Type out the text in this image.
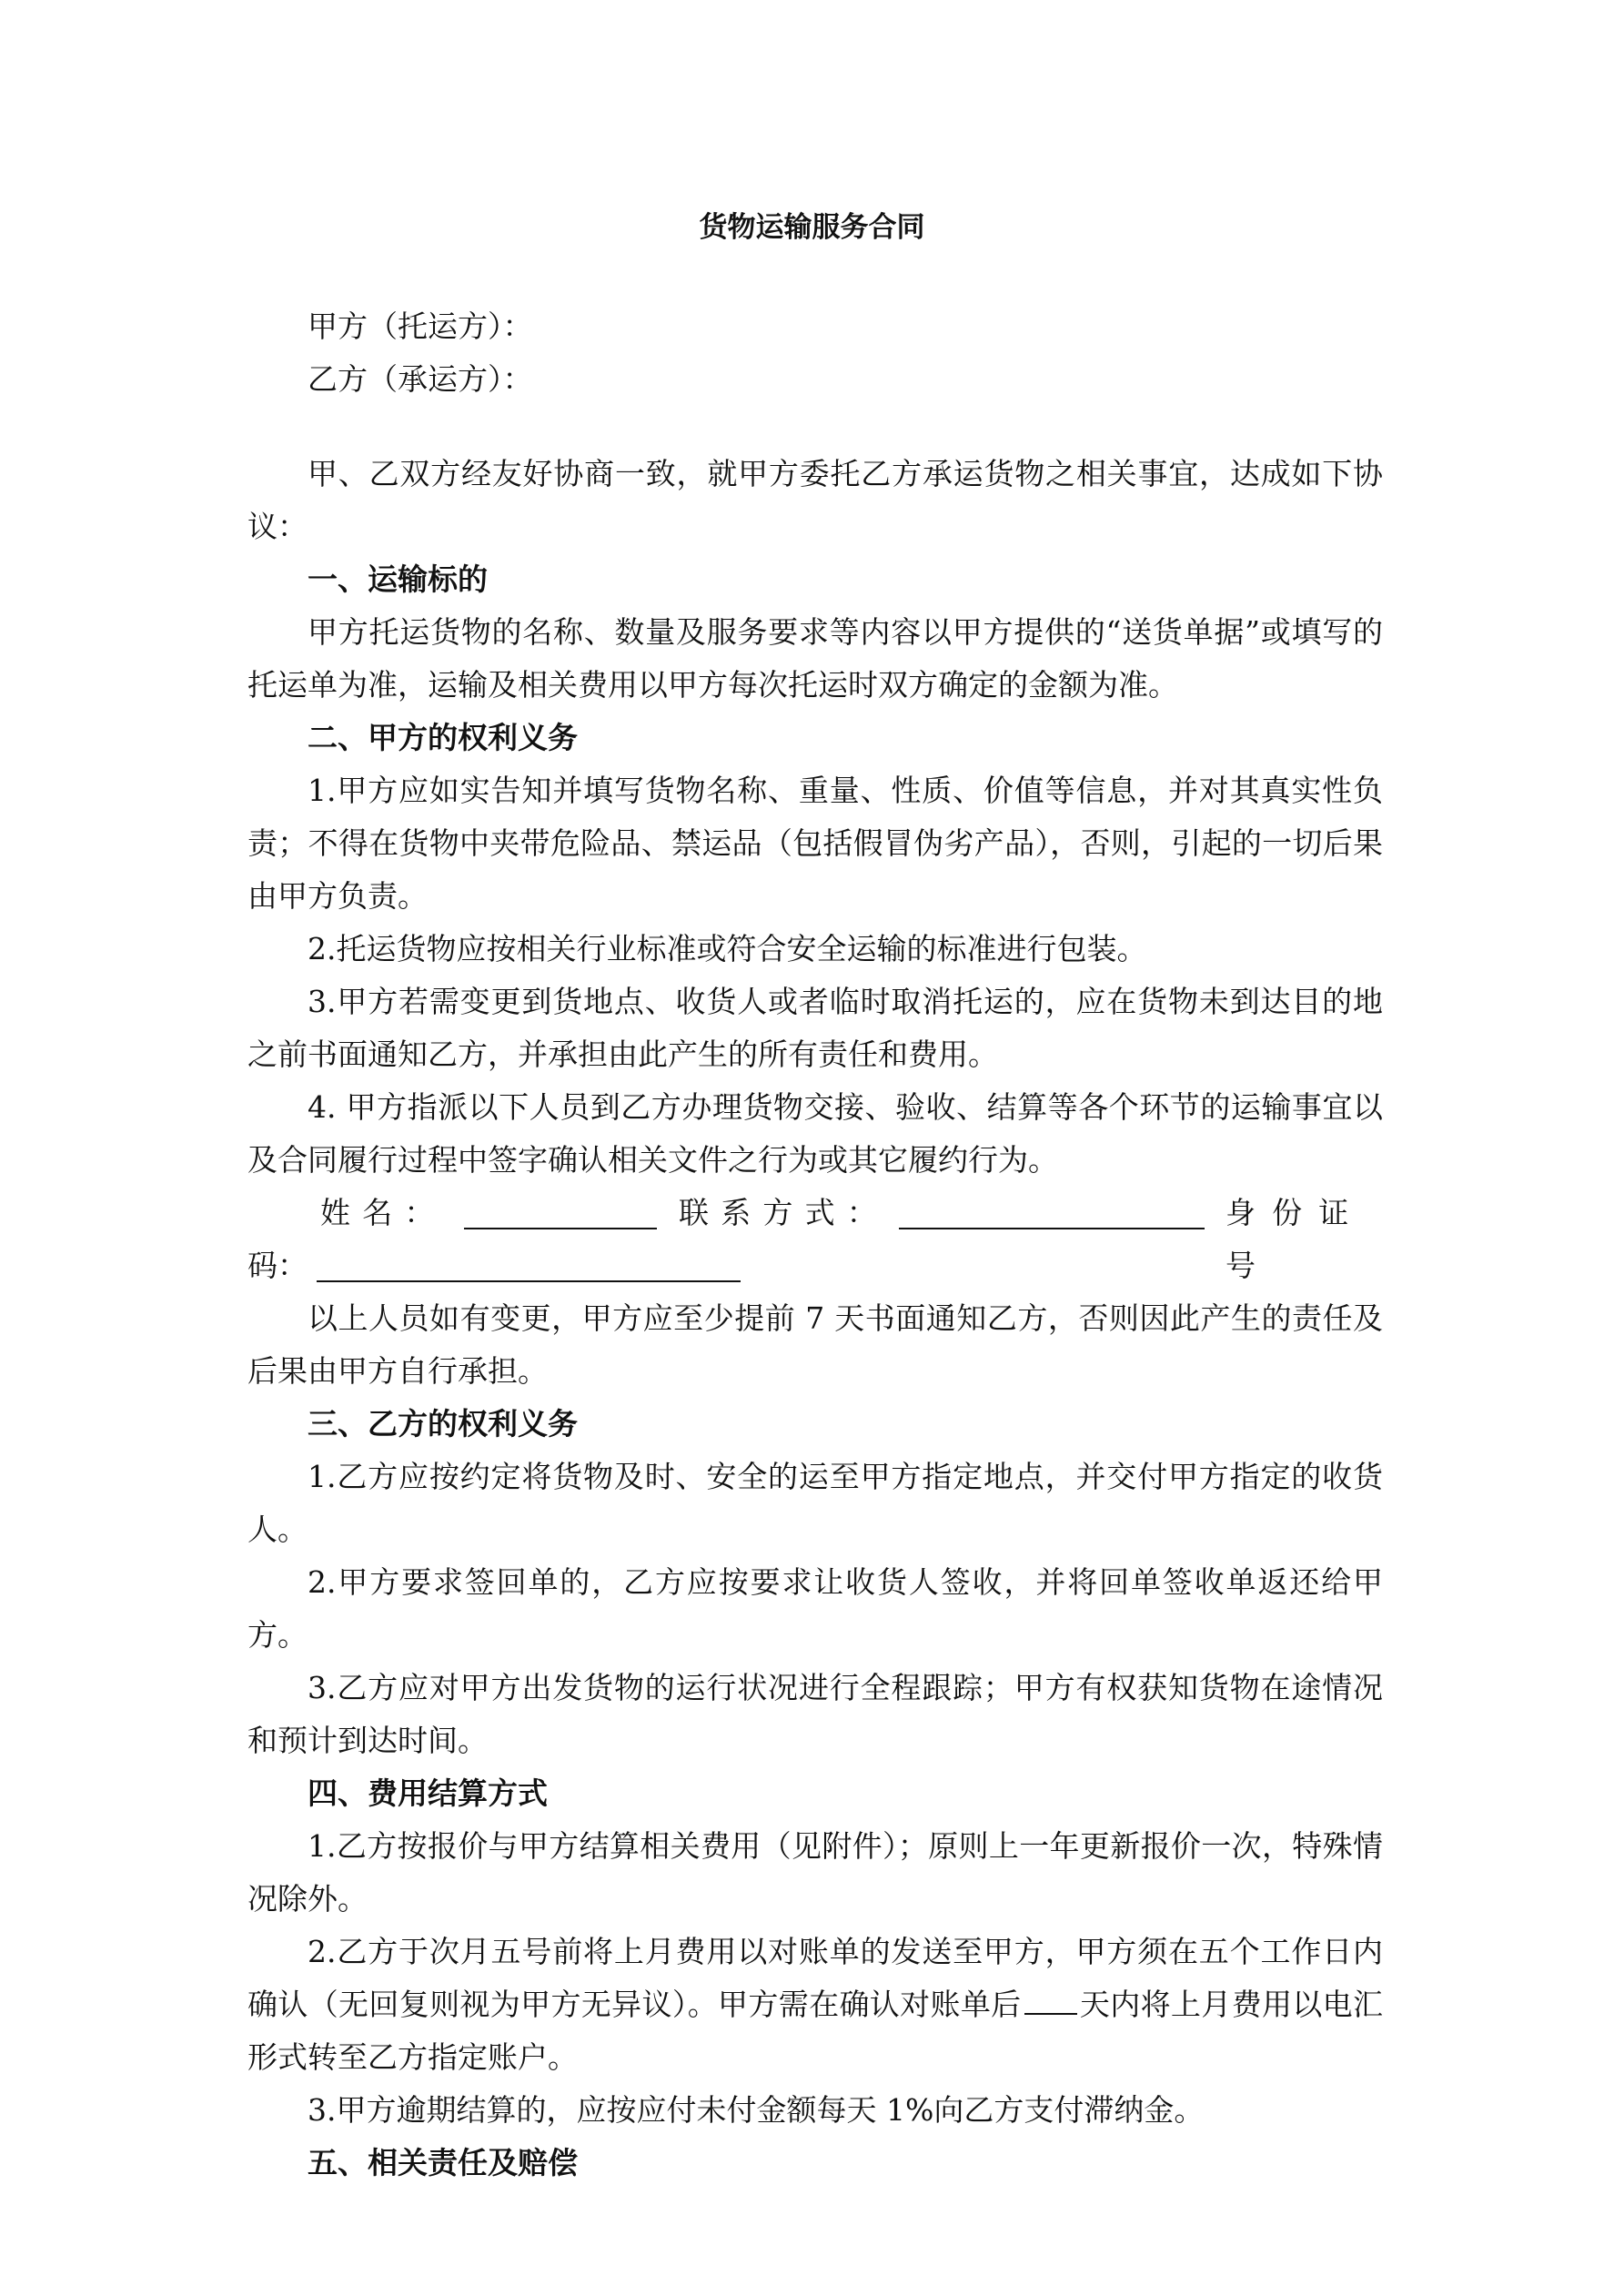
货物运输服务合同

甲方（托运方）：

乙方（承运方）：

甲、乙双方经友好协商一致，就甲方委托乙方承运货物之相关事宜，达成如下协议：

一、运输标的

甲方托运货物的名称、数量及服务要求等内容以甲方提供的“送货单据”或填写的托运单为准，运输及相关费用以甲方每次托运时双方确定的金额为准。

二、甲方的权利义务

1.甲方应如实告知并填写货物名称、重量、性质、价值等信息，并对其真实性负责；不得在货物中夹带危险品、禁运品（包括假冒伪劣产品），否则，引起的一切后果由甲方负责。

2.托运货物应按相关行业标准或符合安全运输的标准进行包装。

3.甲方若需变更到货地点、收货人或者临时取消托运的，应在货物未到达目的地之前书面通知乙方，并承担由此产生的所有责任和费用。

4. 甲方指派以下人员到乙方办理货物交接、验收、结算等各个环节的运输事宜以及合同履行过程中签字确认相关文件之行为或其它履约行为。

姓名：	联系方式：	身份证号
码：

以上人员如有变更，甲方应至少提前 7 天书面通知乙方，否则因此产生的责任及后果由甲方自行承担。

三、乙方的权利义务

1.乙方应按约定将货物及时、安全的运至甲方指定地点，并交付甲方指定的收货人。

2.甲方要求签回单的，乙方应按要求让收货人签收，并将回单签收单返还给甲方。

3.乙方应对甲方出发货物的运行状况进行全程跟踪；甲方有权获知货物在途情况和预计到达时间。

四、费用结算方式

1.乙方按报价与甲方结算相关费用（见附件）；原则上一年更新报价一次，特殊情况除外。

2.乙方于次月五号前将上月费用以对账单的发送至甲方，甲方须在五个工作日内确认（无回复则视为甲方无异议）。甲方需在确认对账单后 天内将上月费用以电汇形式转至乙方指定账户。

3.甲方逾期结算的，应按应付未付金额每天 1%向乙方支付滞纳金。

五、相关责任及赔偿
